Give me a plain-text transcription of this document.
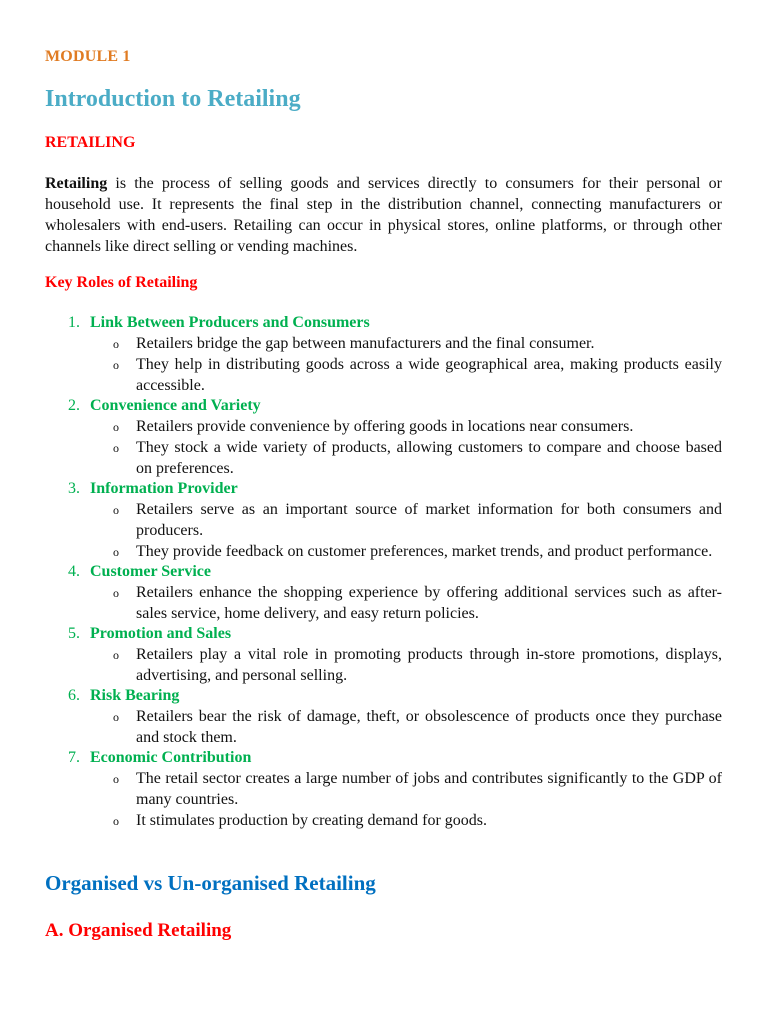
MODULE 1
Introduction to Retailing
RETAILING

Retailing is the process of selling goods and services directly to consumers for their personal or household use. It represents the final step in the distribution channel, connecting manufacturers or wholesalers with end-users. Retailing can occur in physical stores, online platforms, or through other channels like direct selling or vending machines.

Key Roles of Retailing
1. Link Between Producers and Consumers
o Retailers bridge the gap between manufacturers and the final consumer.
o They help in distributing goods across a wide geographical area, making products easily accessible.
2. Convenience and Variety
o Retailers provide convenience by offering goods in locations near consumers.
o They stock a wide variety of products, allowing customers to compare and choose based on preferences.
3. Information Provider
o Retailers serve as an important source of market information for both consumers and producers.
o They provide feedback on customer preferences, market trends, and product performance.
4. Customer Service
o Retailers enhance the shopping experience by offering additional services such as after-sales service, home delivery, and easy return policies.
5. Promotion and Sales
o Retailers play a vital role in promoting products through in-store promotions, displays, advertising, and personal selling.
6. Risk Bearing
o Retailers bear the risk of damage, theft, or obsolescence of products once they purchase and stock them.
7. Economic Contribution
o The retail sector creates a large number of jobs and contributes significantly to the GDP of many countries.
o It stimulates production by creating demand for goods.
Organised vs Un-organised Retailing
A. Organised Retailing
